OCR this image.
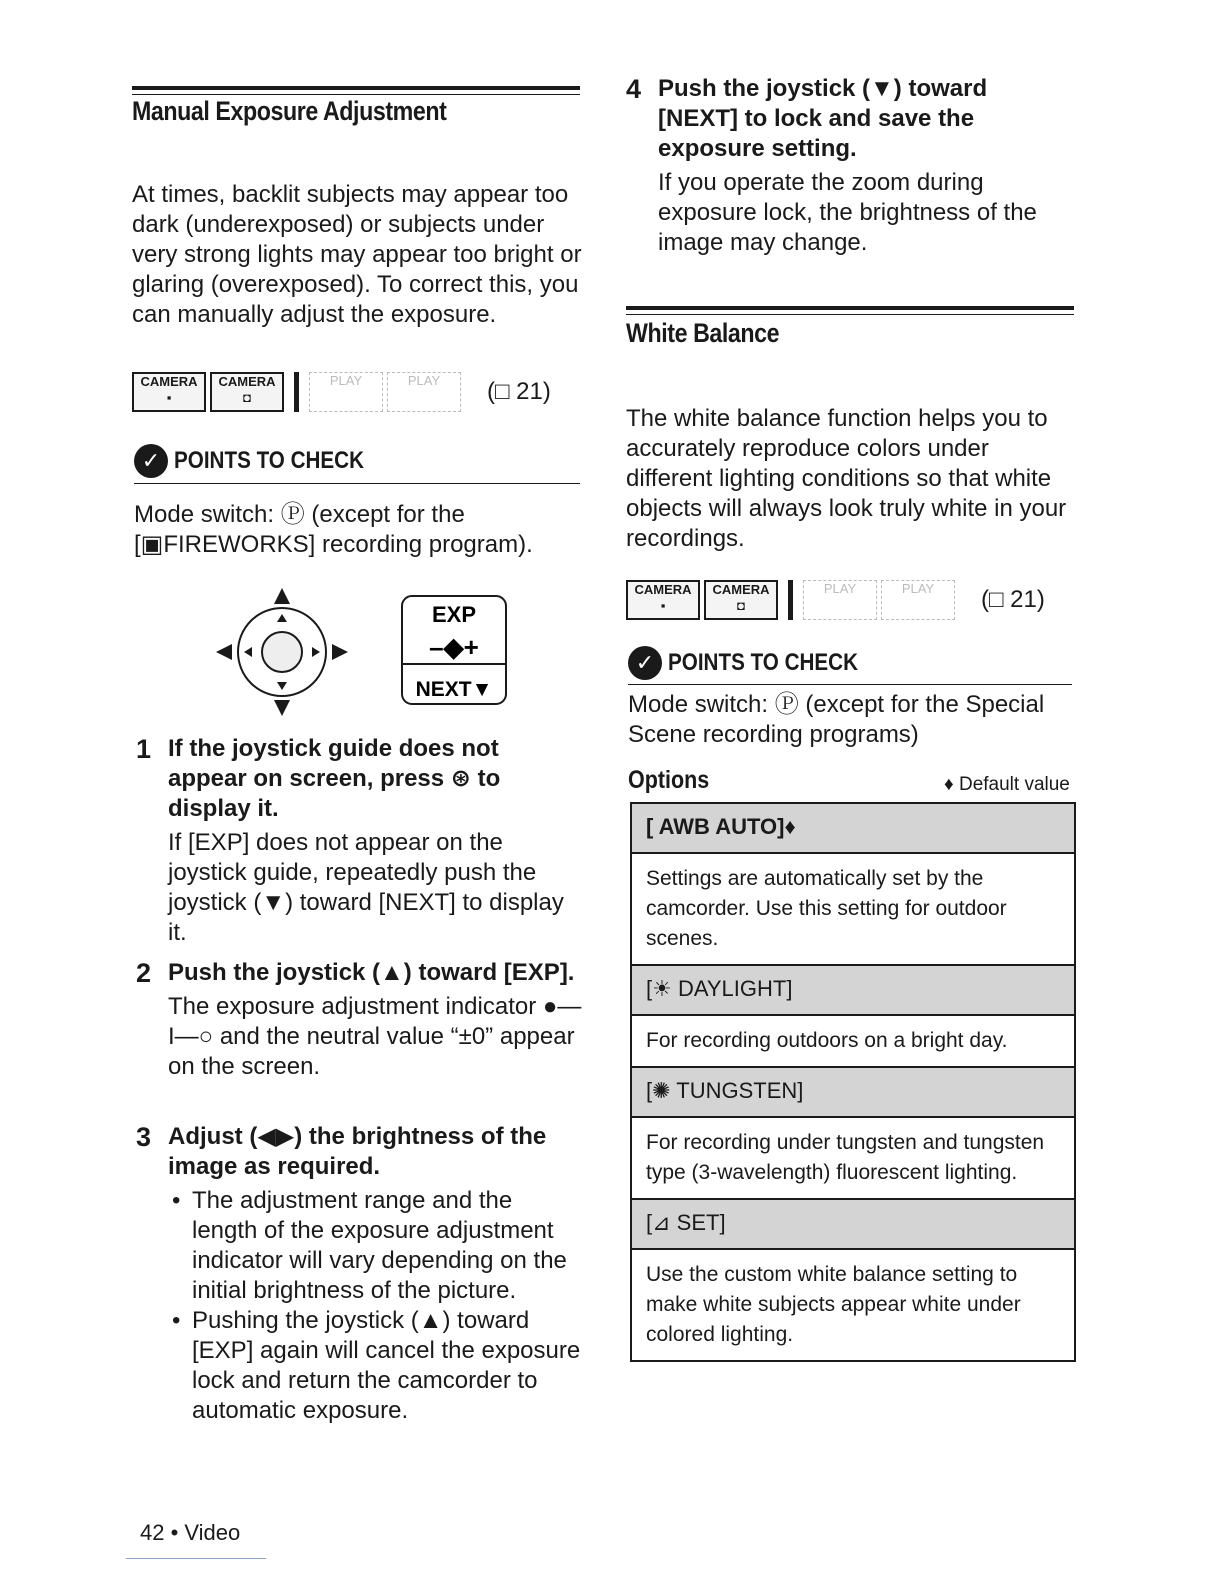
Manual Exposure Adjustment
At times, backlit subjects may appear too dark (underexposed) or subjects under very strong lights may appear too bright or glaring (overexposed). To correct this, you can manually adjust the exposure.
CAMERA
▪
CAMERA
◘
PLAY	PLAY	(□ 21)
✓ POINTS TO CHECK
Mode switch: Ⓟ (except for the [▣FIREWORKS] recording program).
EXP
–◆+
NEXT▼
1 If the joystick guide does not appear on screen, press ⊛ to display it.
If [EXP] does not appear on the joystick guide, repeatedly push the joystick (▼) toward [NEXT] to display it.
2 Push the joystick (▲) toward [EXP].
The exposure adjustment indicator ●—I—○ and the neutral value “±0” appear on the screen.
3 Adjust (◀▶) the brightness of the image as required.
• The adjustment range and the length of the exposure adjustment indicator will vary depending on the initial brightness of the picture.
• Pushing the joystick (▲) toward [EXP] again will cancel the exposure lock and return the camcorder to automatic exposure.
4 Push the joystick (▼) toward [NEXT] to lock and save the exposure setting.
If you operate the zoom during exposure lock, the brightness of the image may change.
White Balance
The white balance function helps you to accurately reproduce colors under different lighting conditions so that white objects will always look truly white in your recordings.
CAMERA
▪
CAMERA
◘
PLAY	PLAY	(□ 21)
✓ POINTS TO CHECK
Mode switch: Ⓟ (except for the Special Scene recording programs)
Options	♦ Default value
[ AWB AUTO]♦
Settings are automatically set by the camcorder. Use this setting for outdoor scenes.
[☀ DAYLIGHT]
For recording outdoors on a bright day.
[✺ TUNGSTEN]
For recording under tungsten and tungsten type (3-wavelength) fluorescent lighting.
[⊿ SET]
Use the custom white balance setting to make white subjects appear white under colored lighting.
42 • Video
